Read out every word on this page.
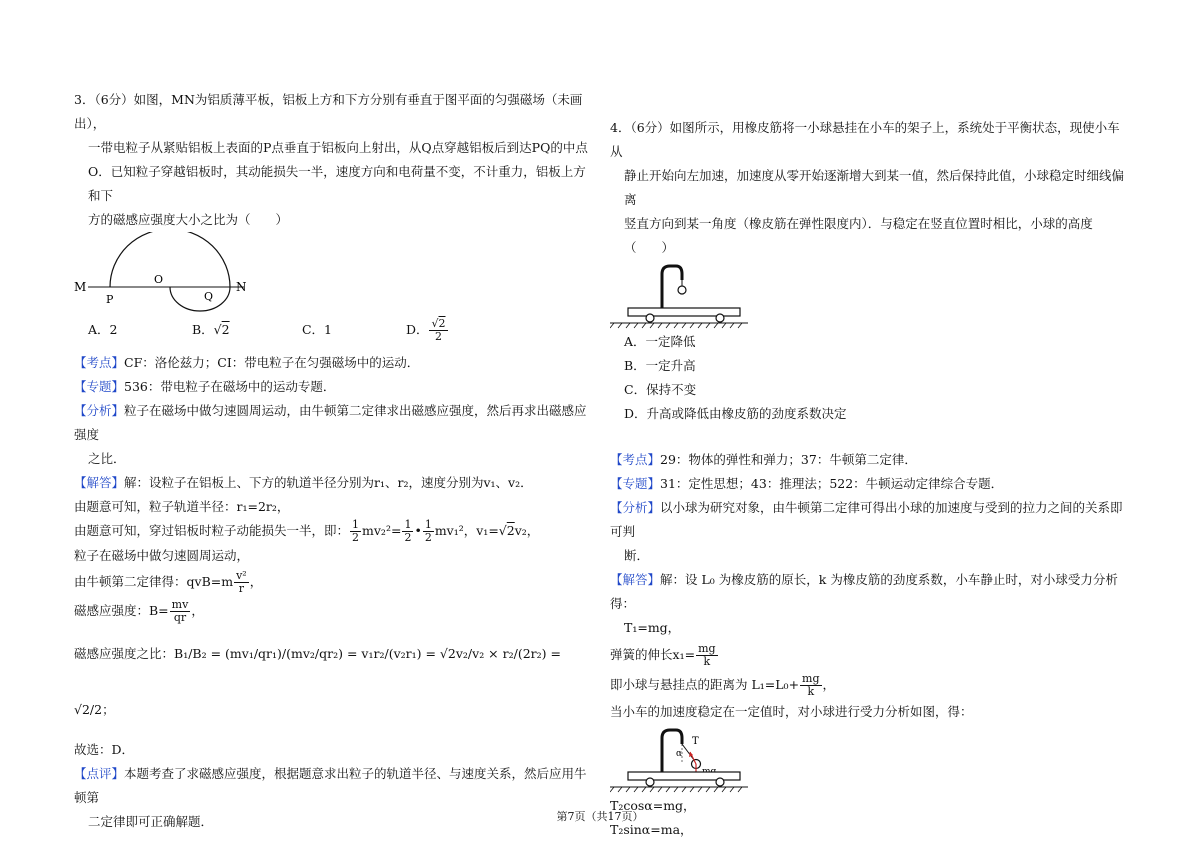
3．（6分）如图，MN为铝质薄平板，铝板上方和下方分别有垂直于图平面的匀强磁场（未画出），

一带电粒子从紧贴铝板上表面的P点垂直于铝板向上射出，从Q点穿越铝板后到达PQ的中点

O．已知粒子穿越铝板时，其动能损失一半，速度方向和电荷量不变，不计重力，铝板上方和下

方的磁感应强度大小之比为（　　）

M
P
O
Q
N
A．2	B．√2	C．1	D． $\frac{√2}{2}$

【考点】CF：洛伦兹力；CI：带电粒子在匀强磁场中的运动．

【专题】536：带电粒子在磁场中的运动专题．

【分析】粒子在磁场中做匀速圆周运动，由牛顿第二定律求出磁感应强度，然后再求出磁感应强度

之比．

【解答】解：设粒子在铝板上、下方的轨道半径分别为r₁、r₂，速度分别为v₁、v₂．

由题意可知，粒子轨道半径：r₁=2r₂，

由题意可知，穿过铝板时粒子动能损失一半，即： $\frac{1}{2} mv_2^2= \frac{1}{2}$ • $\frac{1}{2} mv_1^2$，v₁=√2v₂，

粒子在磁场中做匀速圆周运动，

由牛顿第二定律得：$qvB=m \frac{\text{v²}}{r}$ ，

磁感应强度：$B= \frac{mv}{qr}$ ，

磁感应强度之比：B₁/B₂ = (mv₁/qr₁)/(mv₂/qr₂) = v₁r₂/(v₂r₁) = √2v₂/v₂ × r₂/(2r₂) = √2/2；

故选：D．

【点评】本题考查了求磁感应强度，根据题意求出粒子的轨道半径、与速度关系，然后应用牛顿第

二定律即可正确解题．

4．（6分）如图所示，用橡皮筋将一小球悬挂在小车的架子上，系统处于平衡状态，现使小车从

静止开始向左加速，加速度从零开始逐渐增大到某一值，然后保持此值，小球稳定时细线偏离

竖直方向到某一角度（橡皮筋在弹性限度内）．与稳定在竖直位置时相比，小球的高度（　　）

A．一定降低

B．一定升高

C．保持不变

D．升高或降低由橡皮筋的劲度系数决定

【考点】29：物体的弹性和弹力；37：牛顿第二定律．

【专题】31：定性思想；43：推理法；522：牛顿运动定律综合专题．

【分析】以小球为研究对象，由牛顿第二定律可得出小球的加速度与受到的拉力之间的关系即可判

断．

【解答】解：设 L₀ 为橡皮筋的原长，k 为橡皮筋的劲度系数，小车静止时，对小球受力分析得：

T₁=mg，

弹簧的伸长$x_1= \frac{mg}{k}$

即小球与悬挂点的距离为 $L_1=L_0+ \frac{mg}{k}$ ，

当小车的加速度稳定在一定值时，对小球进行受力分析如图，得：

T
α

T₂cosα=mg，

T₂sinα=ma，

第7页（共17页）
